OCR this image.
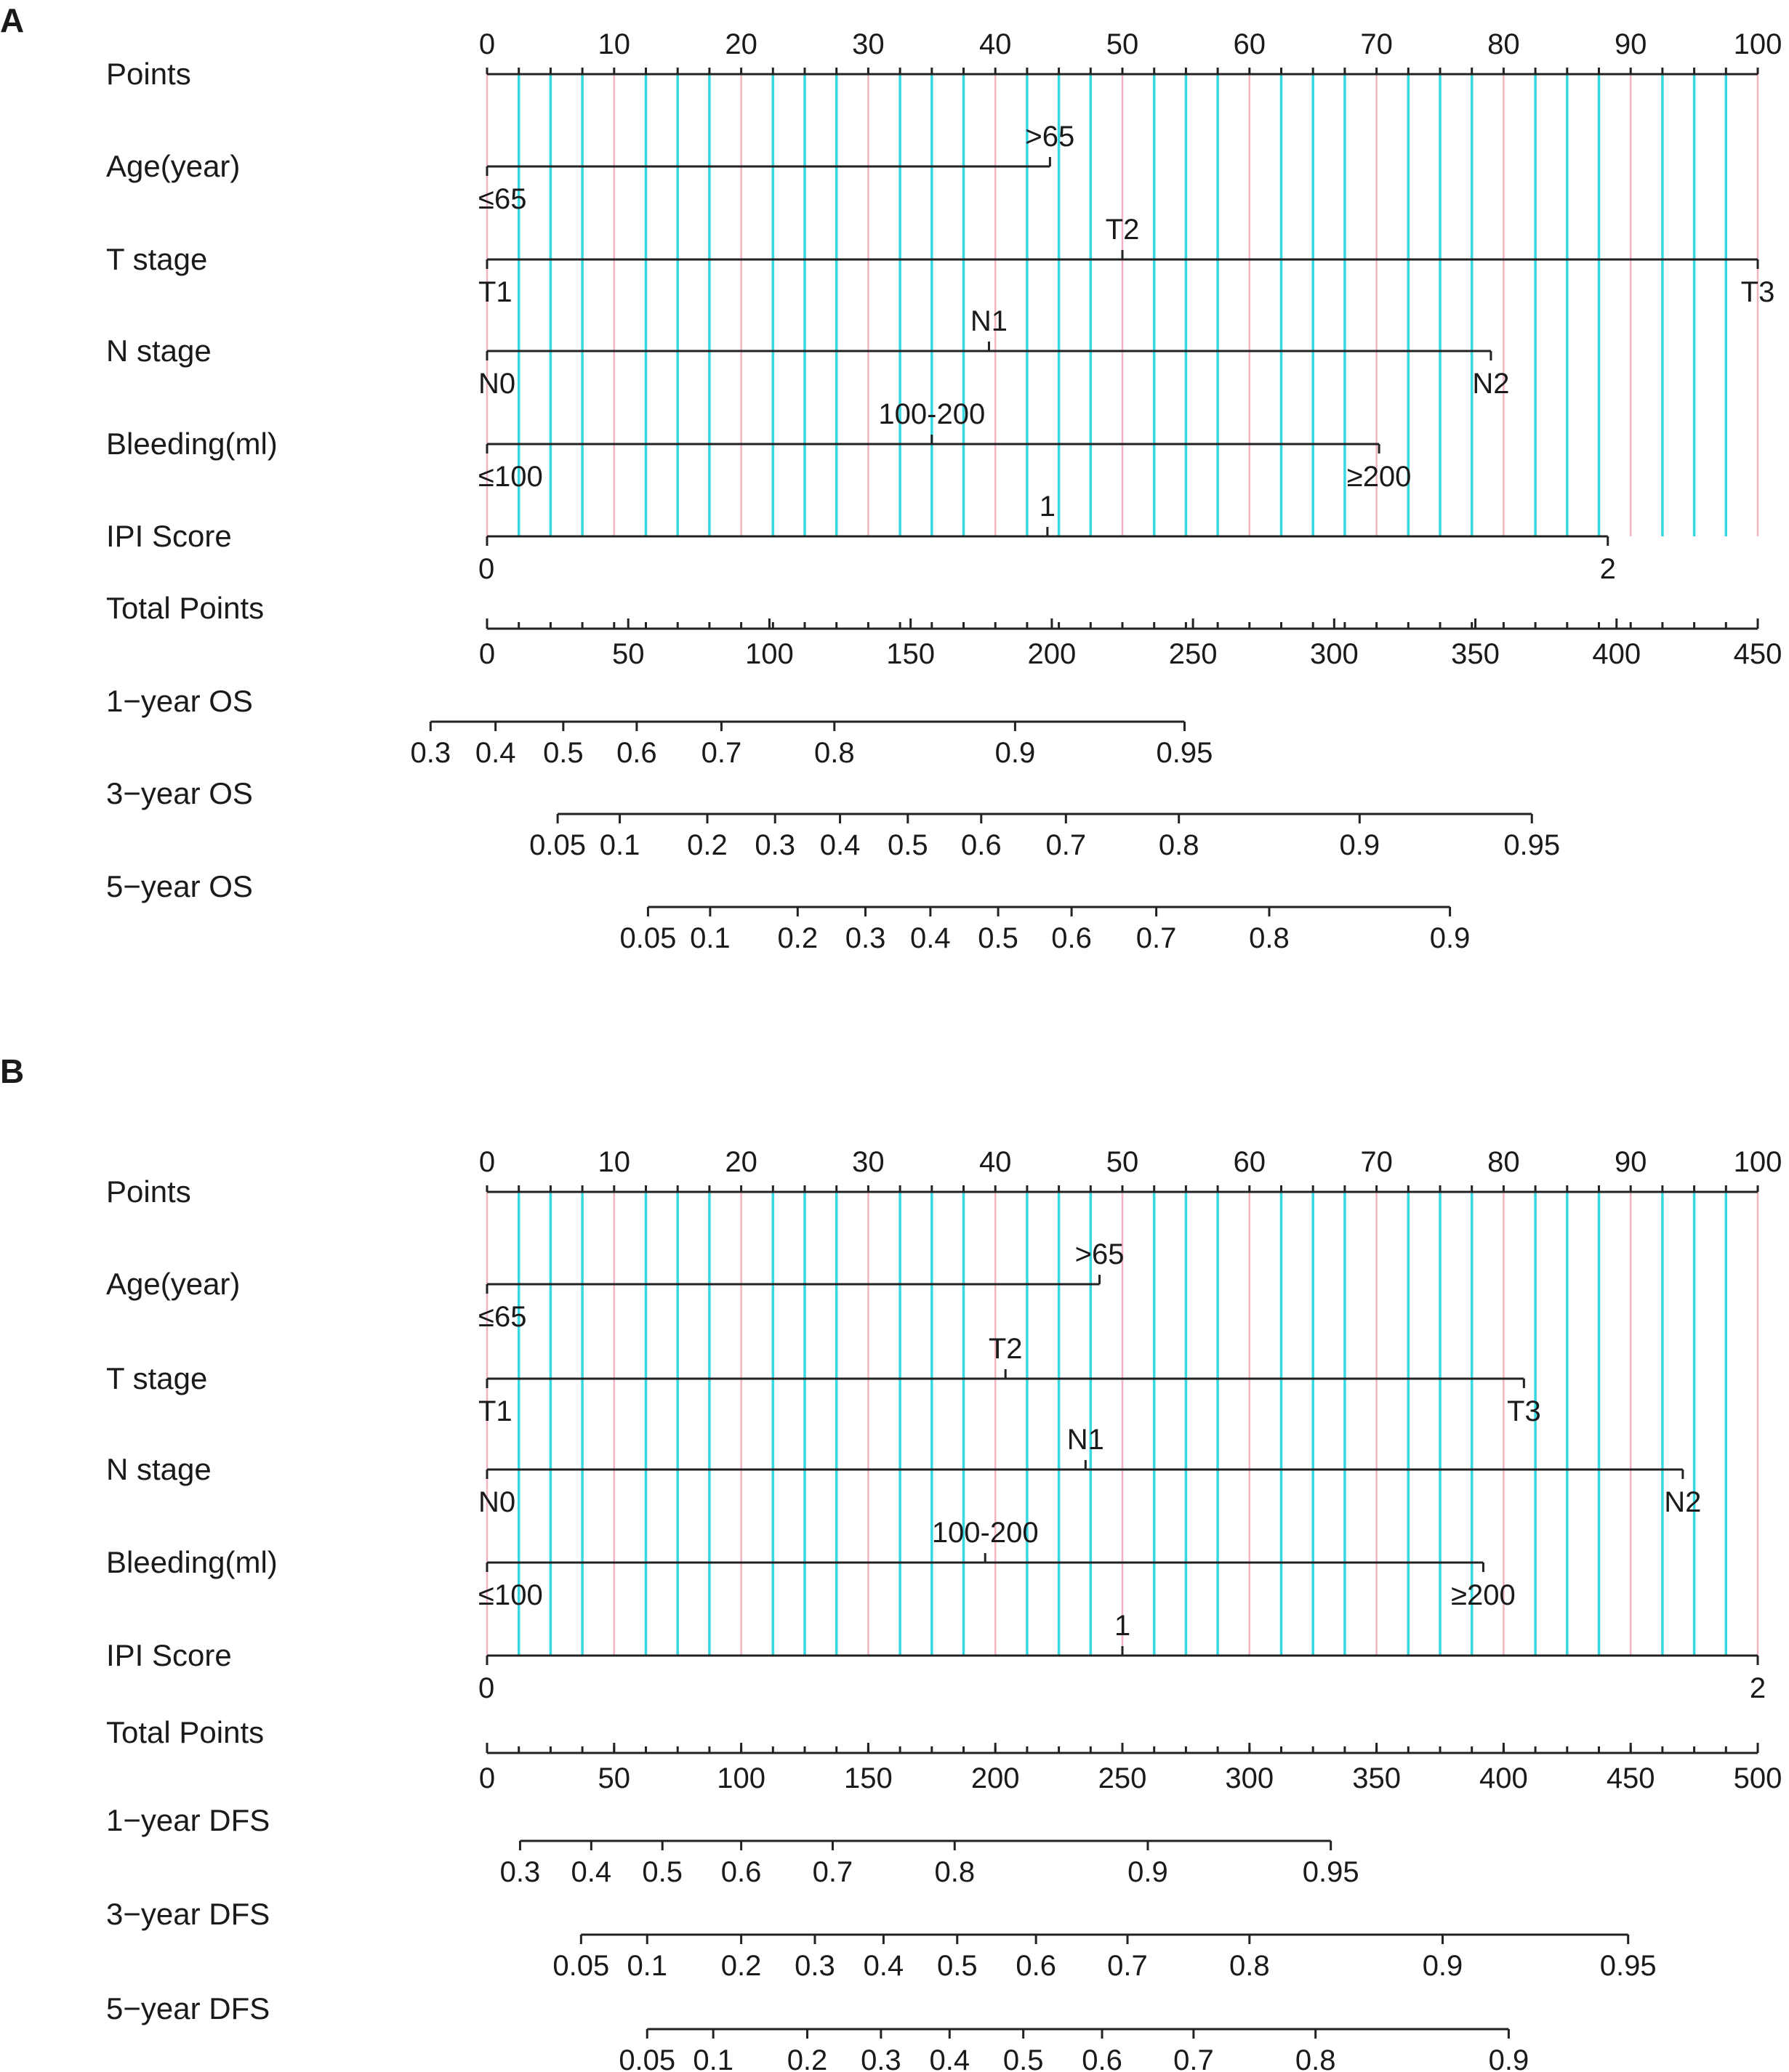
A
Points
0	10	20	30	40	50	60	70	80	90	100
Age(year)
≤65
>65
T stage
T1
T2
T3
N stage
N0
N1
N2
Bleeding(ml)
≤100
100-200
≥200
IPI Score
0
1
2
Total Points
0	50	100	150	200	250	300	350	400	450
1−year OS
0.3 0.4 0.5 0.6 0.7 0.8	0.9	0.95
3−year OS
0.05 0.1 0.2 0.3 0.4 0.5 0.6 0.7 0.8	0.9	0.95
5−year OS
0.05 0.1 0.2 0.3 0.4 0.5 0.6 0.7 0.8	0.9
B
Points
0	10	20	30	40	50	60	70	80	90	100
Age(year)
≤65
>65
T stage
T1
T2
T3
N stage
N0
N1
N2
Bleeding(ml)
≤100
100-200
≥200
IPI Score
0
1
2
Total Points
0	50	100	150	200	250	300	350	400	450	500
1−year DFS
0.3 0.4 0.5 0.6 0.7	0.8	0.9	0.95
3−year DFS
0.05 0.1 0.2 0.3 0.4 0.5 0.6 0.7	0.8	0.9	0.95
5−year DFS
0.05 0.1 0.2 0.3 0.4 0.5 0.6 0.7	0.8	0.9
